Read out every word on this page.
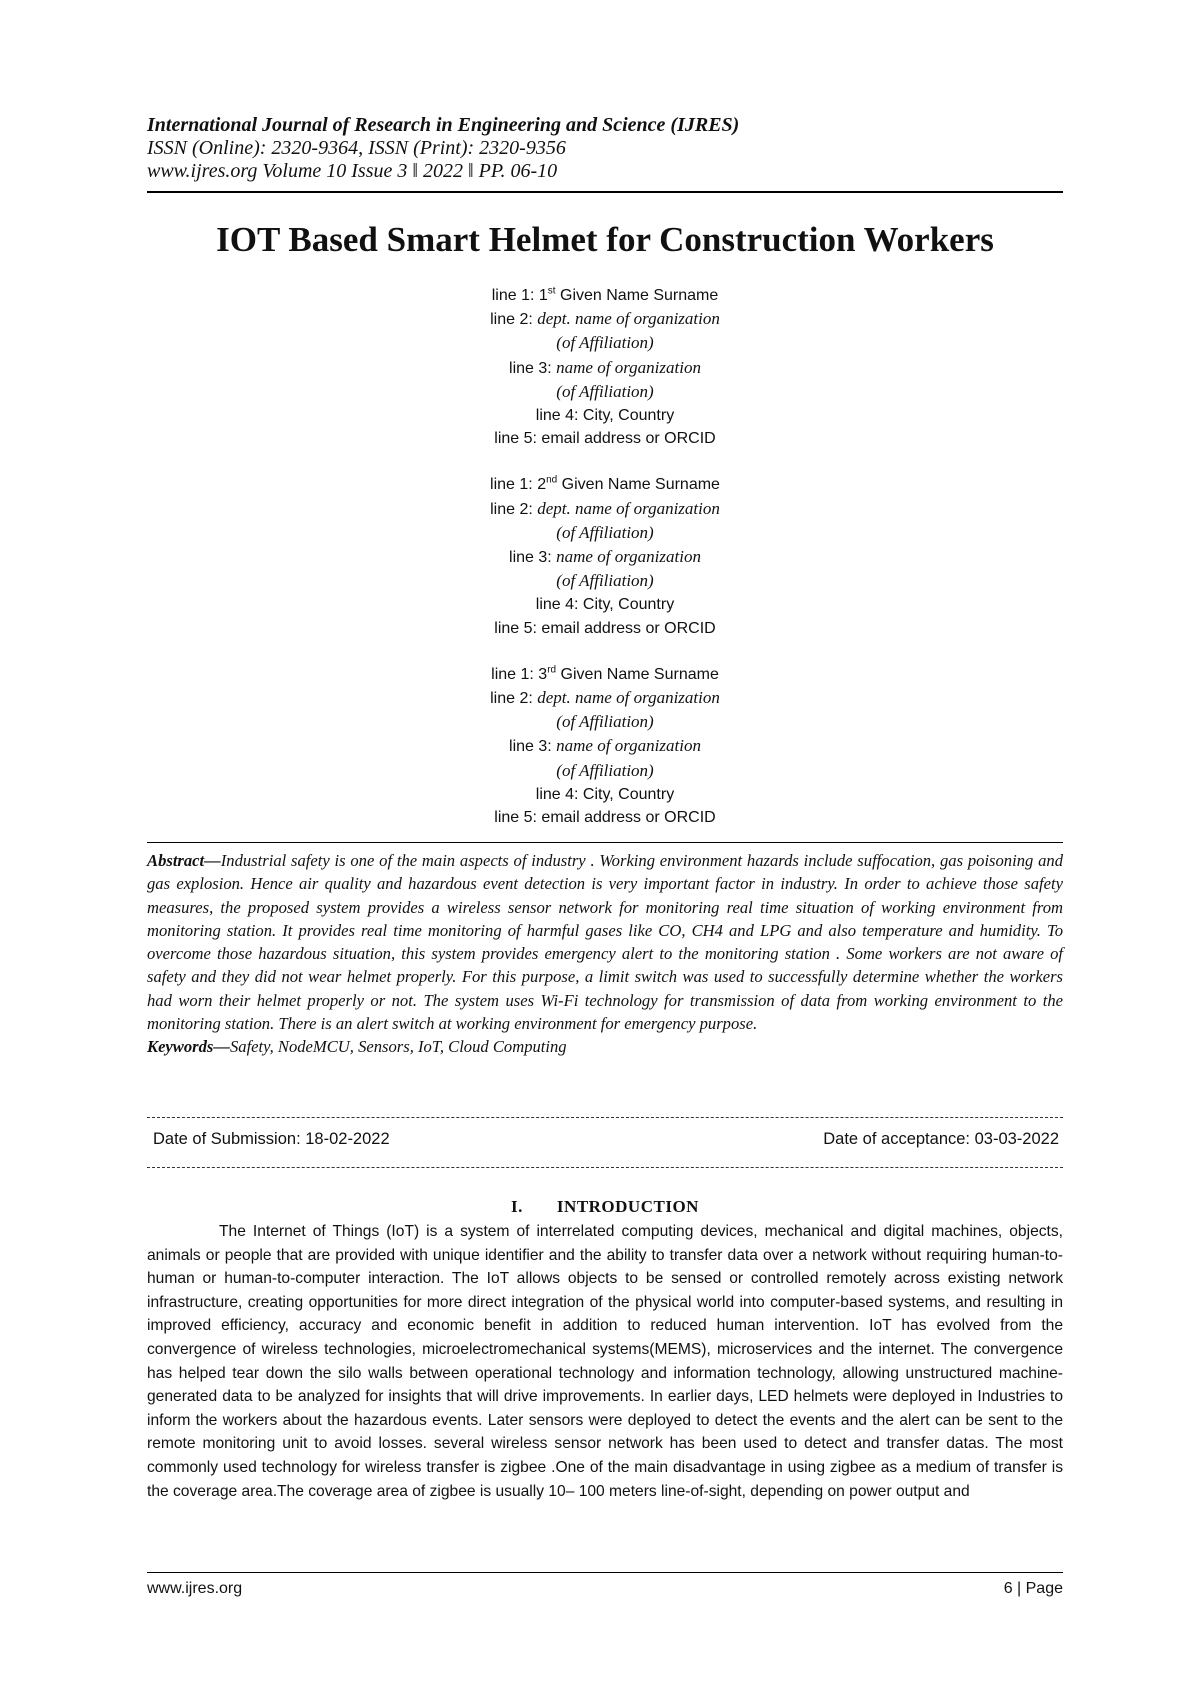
International Journal of Research in Engineering and Science (IJRES)
ISSN (Online): 2320-9364, ISSN (Print): 2320-9356
www.ijres.org Volume 10 Issue 3 ǁ 2022 ǁ PP. 06-10
IOT Based Smart Helmet for Construction Workers
line 1: 1st Given Name Surname
line 2: dept. name of organization
(of Affiliation)
line 3: name of organization
(of Affiliation)
line 4: City, Country
line 5: email address or ORCID
line 1: 2nd Given Name Surname
line 2: dept. name of organization
(of Affiliation)
line 3: name of organization
(of Affiliation)
line 4: City, Country
line 5: email address or ORCID
line 1: 3rd Given Name Surname
line 2: dept. name of organization
(of Affiliation)
line 3: name of organization
(of Affiliation)
line 4: City, Country
line 5: email address or ORCID
Abstract—Industrial safety is one of the main aspects of industry . Working environment hazards include suffocation, gas poisoning and gas explosion. Hence air quality and hazardous event detection is very important factor in industry. In order to achieve those safety measures, the proposed system provides a wireless sensor network for monitoring real time situation of working environment from monitoring station. It provides real time monitoring of harmful gases like CO, CH4 and LPG and also temperature and humidity. To overcome those hazardous situation, this system provides emergency alert to the monitoring station . Some workers are not aware of safety and they did not wear helmet properly. For this purpose, a limit switch was used to successfully determine whether the workers had worn their helmet properly or not. The system uses Wi-Fi technology for transmission of data from working environment to the monitoring station. There is an alert switch at working environment for emergency purpose.
Keywords—Safety, NodeMCU, Sensors, IoT, Cloud Computing
Date of Submission: 18-02-2022	Date of acceptance: 03-03-2022
I. INTRODUCTION

The Internet of Things (IoT) is a system of interrelated computing devices, mechanical and digital machines, objects, animals or people that are provided with unique identifier and the ability to transfer data over a network without requiring human-to-human or human-to-computer interaction. The IoT allows objects to be sensed or controlled remotely across existing network infrastructure, creating opportunities for more direct integration of the physical world into computer-based systems, and resulting in improved efficiency, accuracy and economic benefit in addition to reduced human intervention. IoT has evolved from the convergence of wireless technologies, microelectromechanical systems(MEMS), microservices and the internet. The convergence has helped tear down the silo walls between operational technology and information technology, allowing unstructured machine-generated data to be analyzed for insights that will drive improvements. In earlier days, LED helmets were deployed in Industries to inform the workers about the hazardous events. Later sensors were deployed to detect the events and the alert can be sent to the remote monitoring unit to avoid losses. several wireless sensor network has been used to detect and transfer datas. The most commonly used technology for wireless transfer is zigbee .One of the main disadvantage in using zigbee as a medium of transfer is the coverage area.The coverage area of zigbee is usually 10– 100 meters line-of-sight, depending on power output and

www.ijres.org	6 | Page
